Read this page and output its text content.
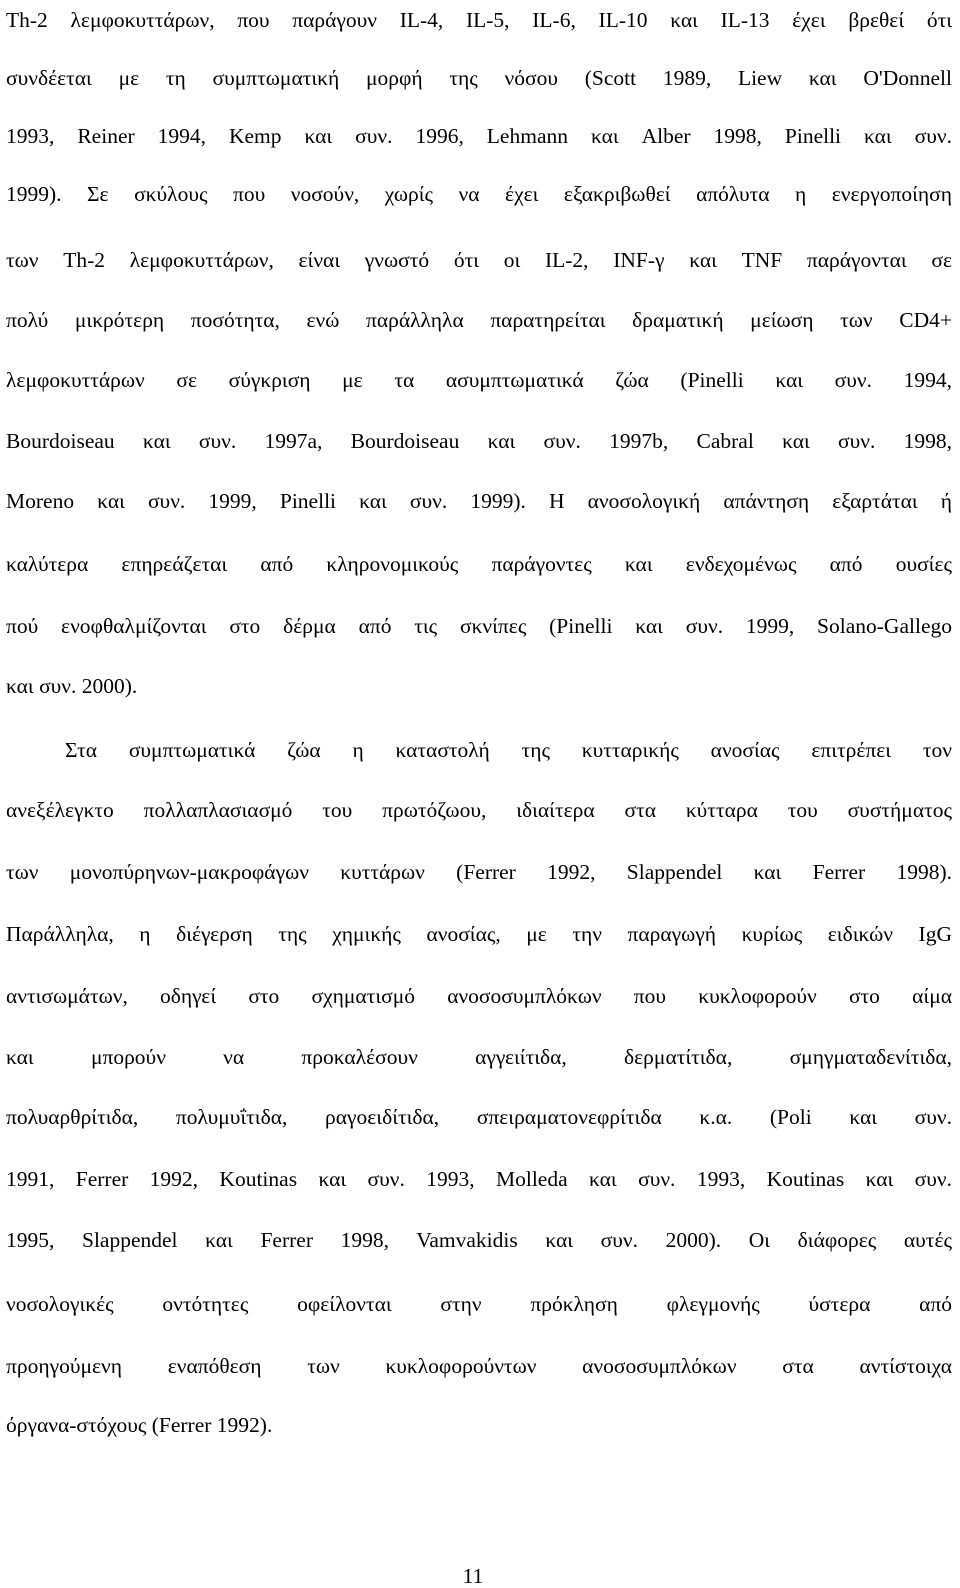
Th-2 λεμφοκυττάρων, που παράγουν IL-4, IL-5, IL-6, IL-10 και IL-13 έχει βρεθεί ότι
συνδέεται με τη συμπτωματική μορφή της νόσου (Scott 1989, Liew και O'Donnell
1993, Reiner 1994, Kemp και συν. 1996, Lehmann και Alber 1998, Pinelli και συν.
1999). Σε σκύλους που νοσούν, χωρίς να έχει εξακριβωθεί απόλυτα η ενεργοποίηση
των Th-2 λεμφοκυττάρων, είναι γνωστό ότι οι IL-2, INF-γ και TNF παράγονται σε
πολύ μικρότερη ποσότητα, ενώ παράλληλα παρατηρείται δραματική μείωση των CD4+
λεμφοκυττάρων σε σύγκριση με τα ασυμπτωματικά ζώα (Pinelli και συν. 1994,
Bourdoiseau και συν. 1997a, Bourdoiseau και συν. 1997b, Cabral και συν. 1998,
Moreno και συν. 1999, Pinelli και συν. 1999). Η ανοσολογική απάντηση εξαρτάται ή
καλύτερα επηρεάζεται από κληρονομικούς παράγοντες και ενδεχομένως από ουσίες
πού ενοφθαλμίζονται στο δέρμα από τις σκνίπες (Pinelli και συν. 1999, Solano-Gallego
και συν. 2000).
Στα συμπτωματικά ζώα η καταστολή της κυτταρικής ανοσίας επιτρέπει τον
ανεξέλεγκτο πολλαπλασιασμό του πρωτόζωου, ιδιαίτερα στα κύτταρα του συστήματος
των μονοπύρηνων-μακροφάγων κυττάρων (Ferrer 1992, Slappendel και Ferrer 1998).
Παράλληλα, η διέγερση της χημικής ανοσίας, με την παραγωγή κυρίως ειδικών IgG
αντισωμάτων, οδηγεί στο σχηματισμό ανοσοσυμπλόκων που κυκλοφορούν στο αίμα
και μπορούν να προκαλέσουν αγγειίτιδα, δερματίτιδα, σμηγματαδενίτιδα,
πολυαρθρίτιδα, πολυμυΐτιδα, ραγοειδίτιδα, σπειραματονεφρίτιδα κ.α. (Poli και συν.
1991, Ferrer 1992, Koutinas και συν. 1993, Molleda και συν. 1993, Koutinas και συν.
1995, Slappendel και Ferrer 1998, Vamvakidis και συν. 2000). Οι διάφορες αυτές
νοσολογικές οντότητες οφείλονται στην πρόκληση φλεγμονής ύστερα από
προηγούμενη εναπόθεση των κυκλοφορούντων ανοσοσυμπλόκων στα αντίστοιχα
όργανα-στόχους (Ferrer 1992).
11
